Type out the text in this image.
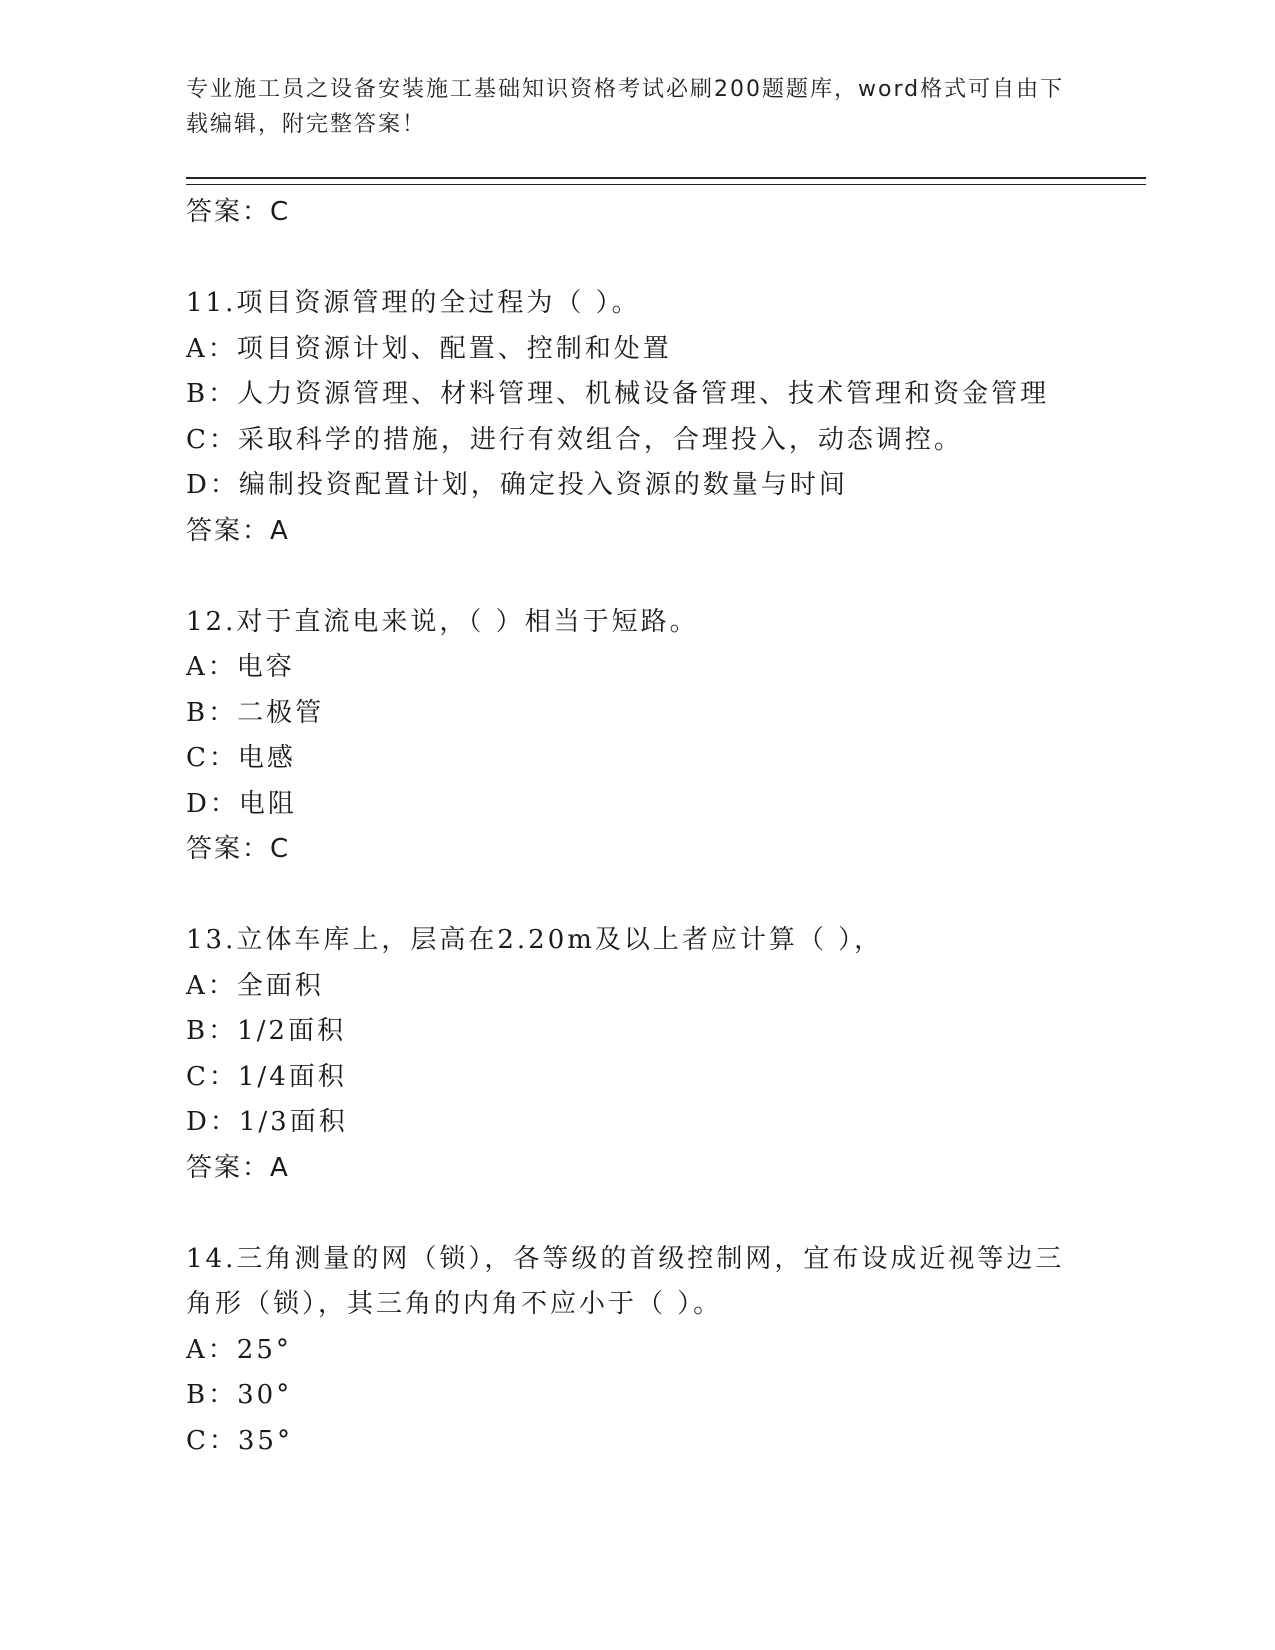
专业施工员之设备安装施工基础知识资格考试必刷200题题库，word格式可自由下载编辑，附完整答案！
答案：C
11.项目资源管理的全过程为（ ）。
A：项目资源计划、配置、控制和处置
B：人力资源管理、材料管理、机械设备管理、技术管理和资金管理
C：采取科学的措施，进行有效组合，合理投入，动态调控。
D：编制投资配置计划，确定投入资源的数量与时间
答案：A
12.对于直流电来说，（ ）相当于短路。
A：电容
B：二极管
C：电感
D：电阻
答案：C
13.立体车库上，层高在2.20m及以上者应计算（ ），
A：全面积
B：1/2面积
C：1/4面积
D：1/3面积
答案：A
14.三角测量的网（锁），各等级的首级控制网，宜布设成近视等边三角形（锁），其三角的内角不应小于（ ）。
A：25°
B：30°
C：35°
